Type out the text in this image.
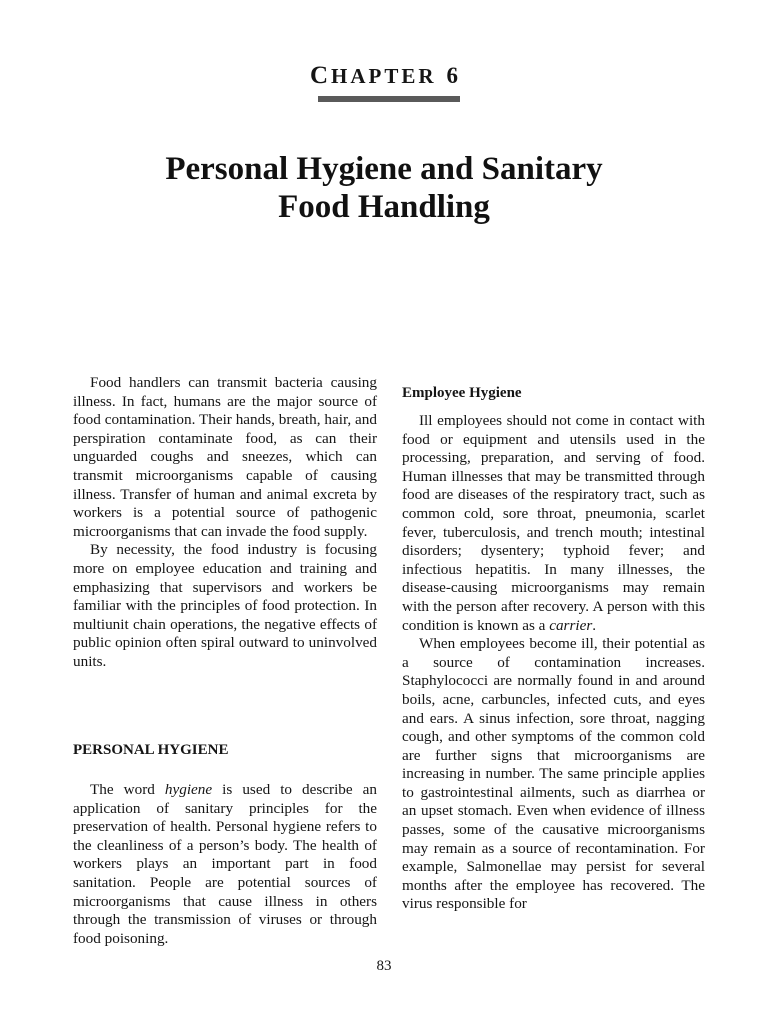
CHAPTER 6
Personal Hygiene and Sanitary
Food Handling

Food handlers can transmit bacteria causing illness. In fact, humans are the major source of food contamination. Their hands, breath, hair, and perspiration contaminate food, as can their unguarded coughs and sneezes, which can transmit microorganisms capable of causing illness. Transfer of human and animal excreta by workers is a potential source of pathogenic microorganisms that can invade the food supply.

By necessity, the food industry is focusing more on employee education and training and emphasizing that supervisors and workers be familiar with the principles of food protection. In multiunit chain operations, the negative effects of public opinion often spiral outward to uninvolved units.

PERSONAL HYGIENE

The word hygiene is used to describe an application of sanitary principles for the preservation of health. Personal hygiene refers to the cleanliness of a person’s body. The health of workers plays an important part in food sanitation. People are potential sources of microorganisms that cause illness in others through the transmission of viruses or through food poisoning.

Employee Hygiene

Ill employees should not come in contact with food or equipment and utensils used in the processing, preparation, and serving of food. Human illnesses that may be transmitted through food are diseases of the respiratory tract, such as common cold, sore throat, pneumonia, scarlet fever, tuberculosis, and trench mouth; intestinal disorders; dysentery; typhoid fever; and infectious hepatitis. In many illnesses, the disease-causing microorganisms may remain with the person after recovery. A person with this condition is known as a carrier.

When employees become ill, their potential as a source of contamination increases. Staphylococci are normally found in and around boils, acne, carbuncles, infected cuts, and eyes and ears. A sinus infection, sore throat, nagging cough, and other symptoms of the common cold are further signs that microorganisms are increasing in number. The same principle applies to gastrointestinal ailments, such as diarrhea or an upset stomach. Even when evidence of illness passes, some of the causative microorganisms may remain as a source of recontamination. For example, Salmonellae may persist for several months after the employee has recovered. The virus responsible for

83
